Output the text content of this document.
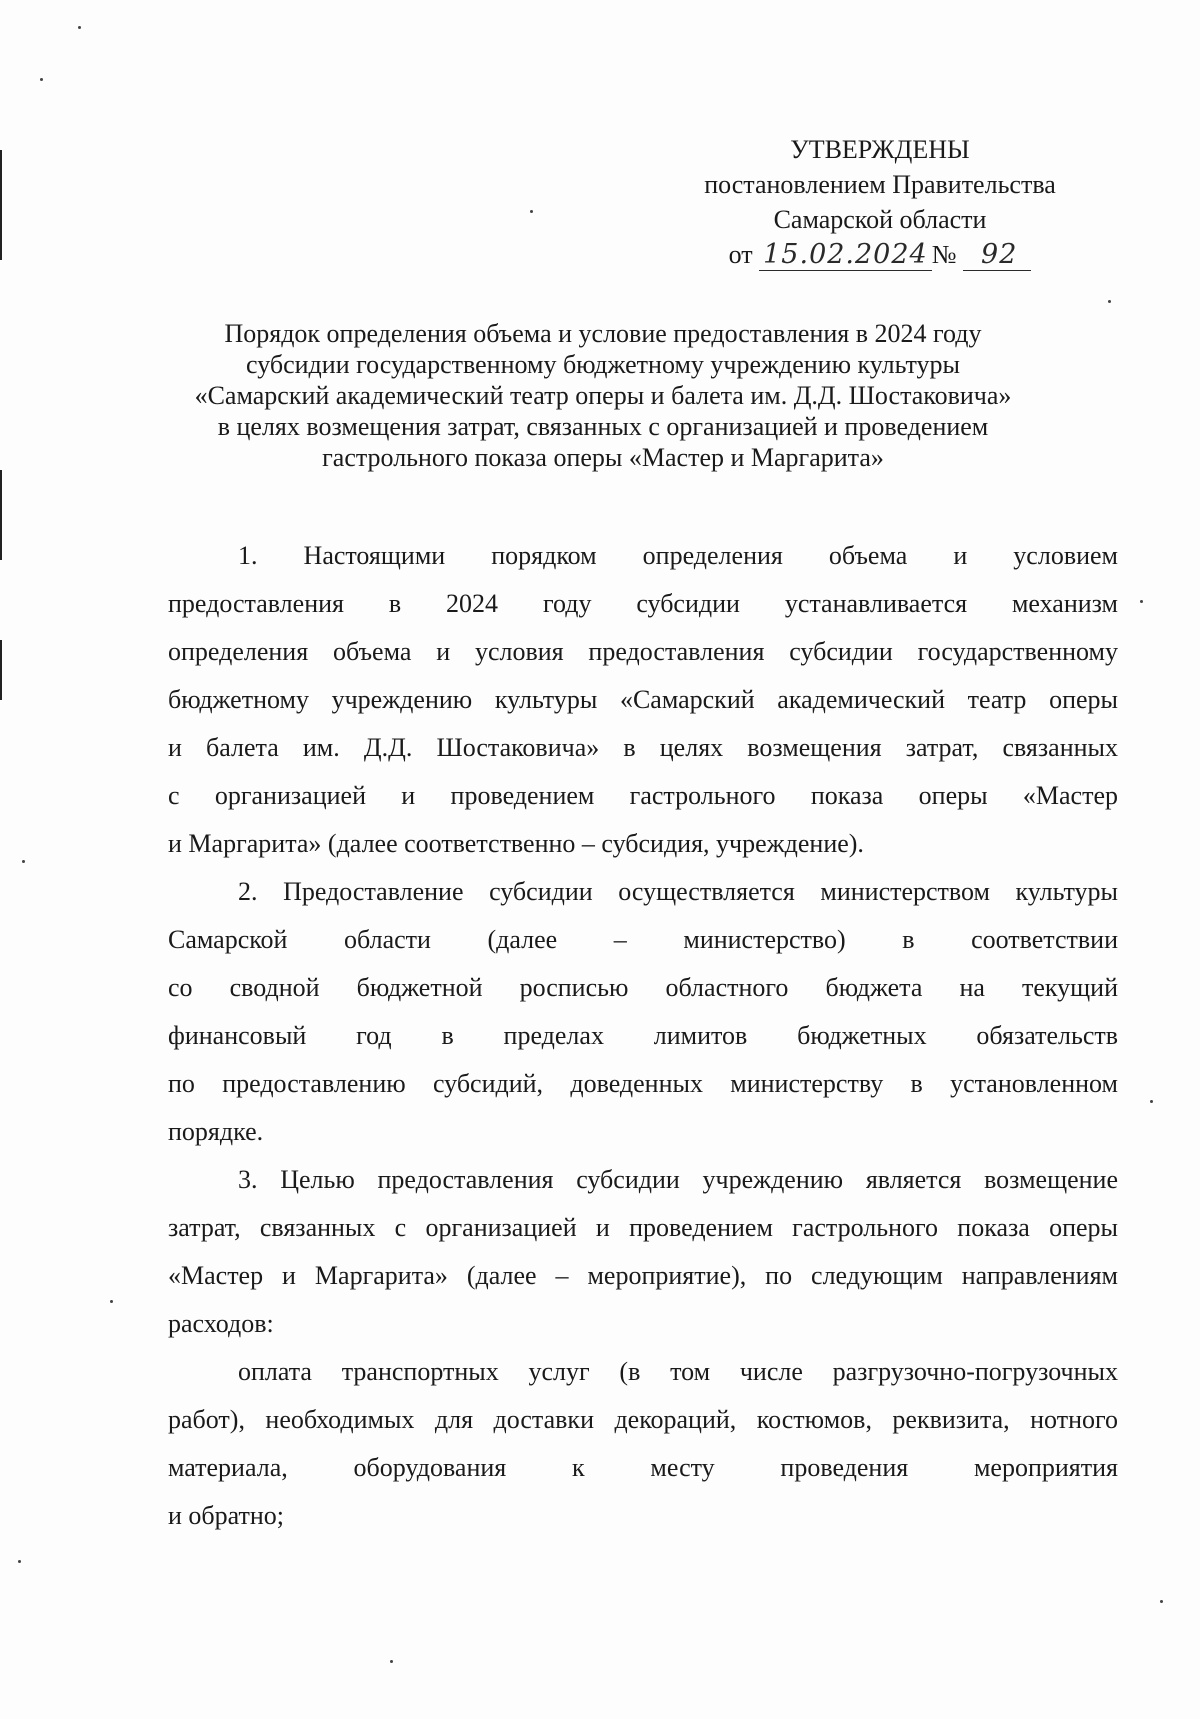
УТВЕРЖДЕНЫ
постановлением Правительства
Самарской области
от 15.02.2024 № 92
Порядок определения объема и условие предоставления в 2024 году
субсидии государственному бюджетному учреждению культуры
«Самарский академический театр оперы и балета им. Д.Д. Шостаковича»
в целях возмещения затрат, связанных с организацией и проведением
гастрольного показа оперы «Мастер и Маргарита»
1. Настоящими порядком определения объема и условием
предоставления в 2024 году субсидии устанавливается механизм
определения объема и условия предоставления субсидии государственному
бюджетному учреждению культуры «Самарский академический театр оперы
и балета им. Д.Д. Шостаковича» в целях возмещения затрат, связанных
с организацией и проведением гастрольного показа оперы «Мастер
и Маргарита» (далее соответственно – субсидия, учреждение).
2. Предоставление субсидии осуществляется министерством культуры
Самарской области (далее – министерство) в соответствии
со сводной бюджетной росписью областного бюджета на текущий
финансовый год в пределах лимитов бюджетных обязательств
по предоставлению субсидий, доведенных министерству в установленном
порядке.
3. Целью предоставления субсидии учреждению является возмещение
затрат, связанных с организацией и проведением гастрольного показа оперы
«Мастер и Маргарита» (далее – мероприятие), по следующим направлениям
расходов:
оплата транспортных услуг (в том числе разгрузочно-погрузочных
работ), необходимых для доставки декораций, костюмов, реквизита, нотного
материала, оборудования к месту проведения мероприятия
и обратно;
